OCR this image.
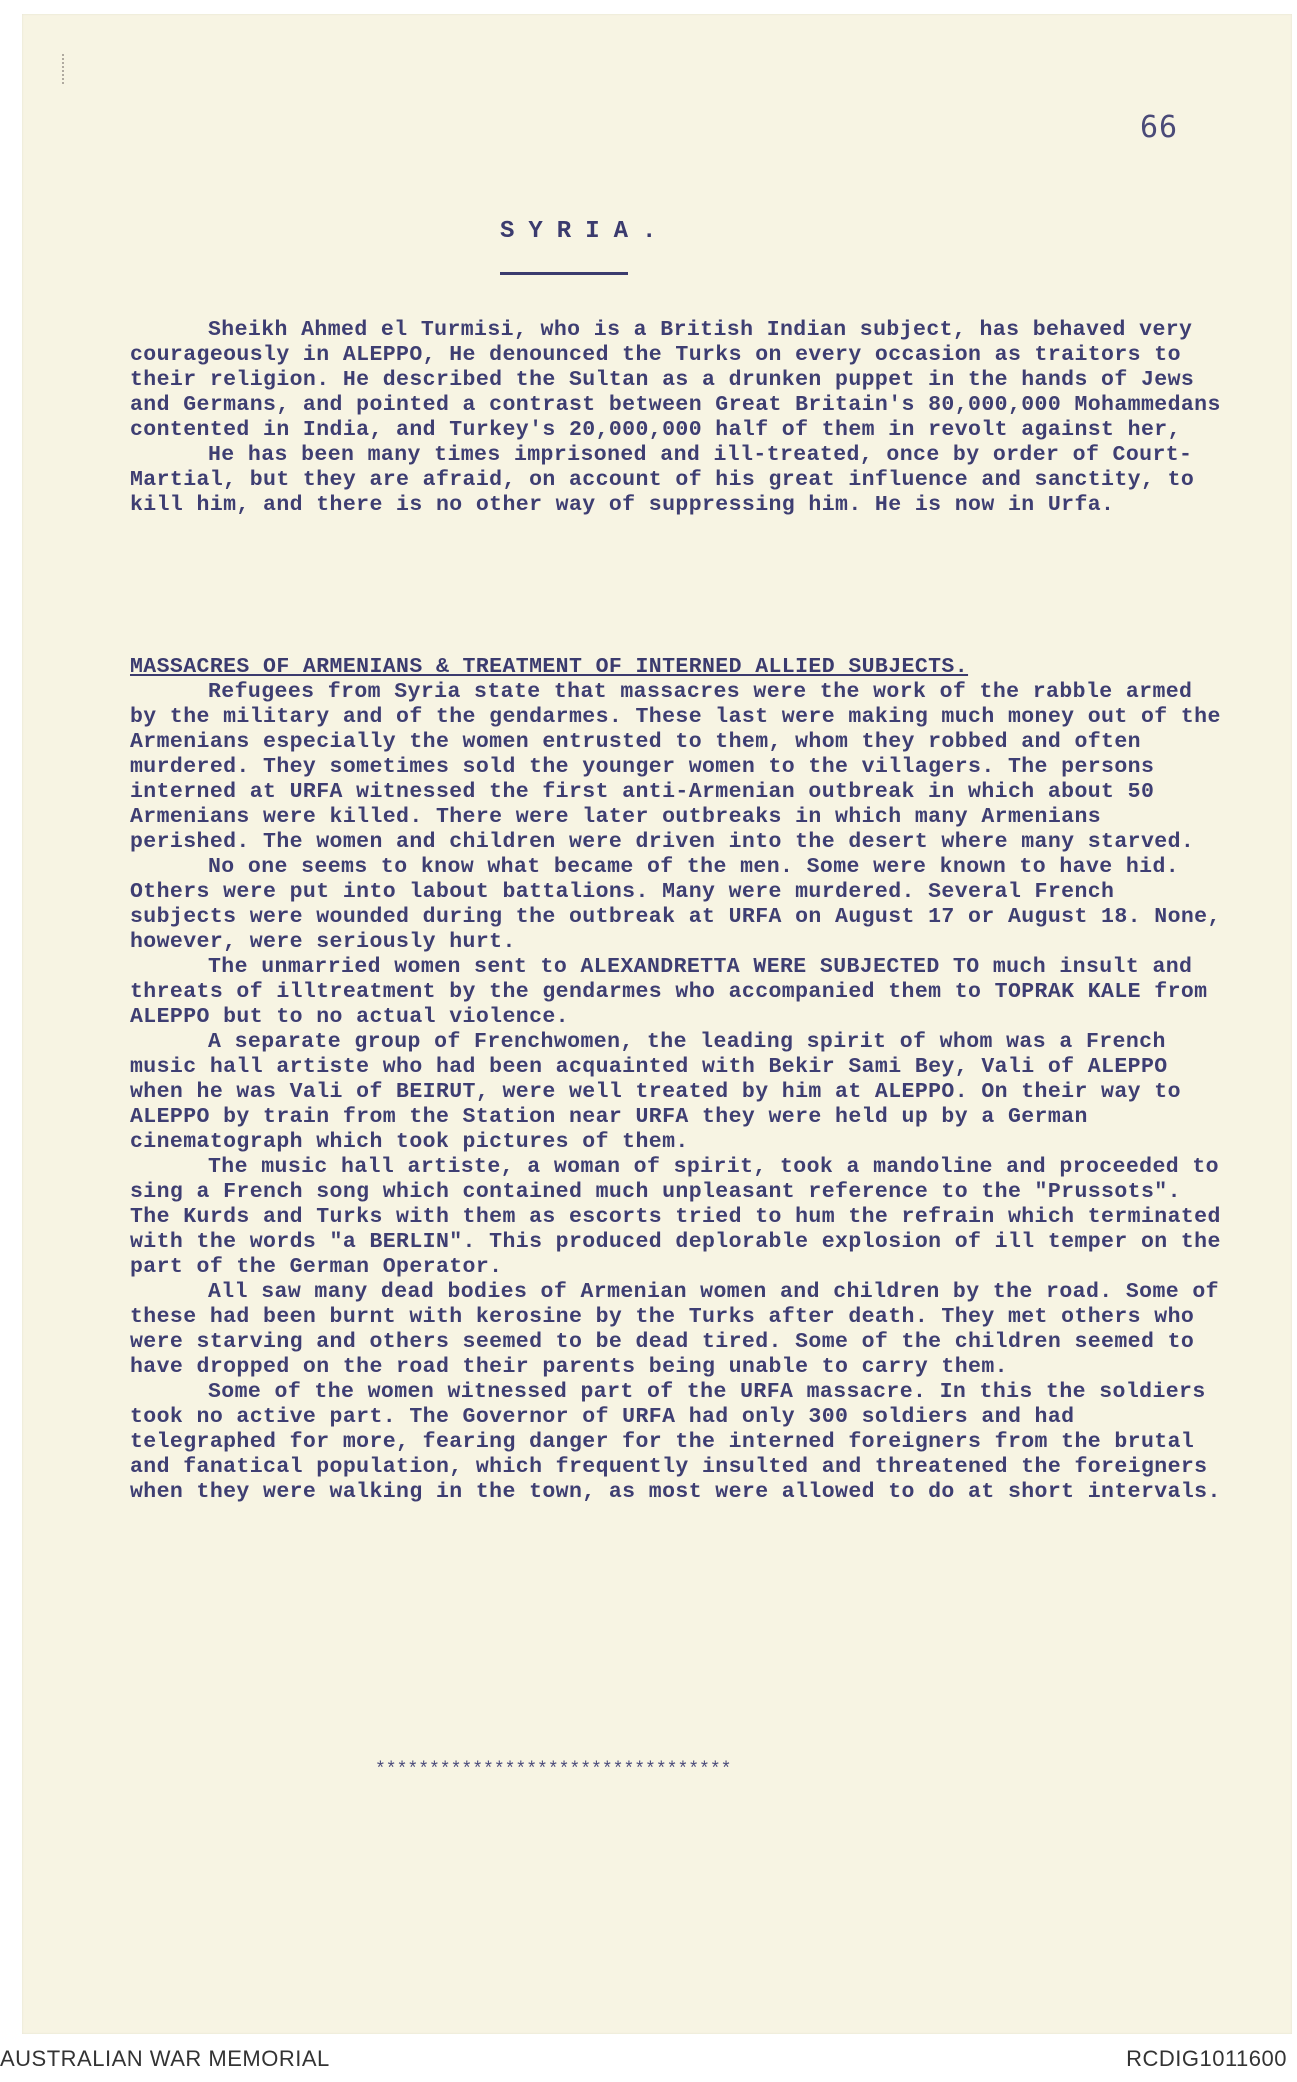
66
SYRIA.

Sheikh Ahmed el Turmisi, who is a British Indian subject, has behaved very courageously in ALEPPO, He denounced the Turks on every occasion as traitors to their religion. He described the Sultan as a drunken puppet in the hands of Jews and Germans, and pointed a contrast between Great Britain's 80,000,000 Mohammedans contented in India, and Turkey's 20,000,000 half of them in revolt against her,

He has been many times imprisoned and ill-treated, once by order of Court-Martial, but they are afraid, on account of his great influence and sanctity, to kill him, and there is no other way of suppressing him. He is now in Urfa.

MASSACRES OF ARMENIANS & TREATMENT OF INTERNED ALLIED SUBJECTS.

Refugees from Syria state that massacres were the work of the rabble armed by the military and of the gendarmes. These last were making much money out of the Armenians especially the women entrusted to them, whom they robbed and often murdered. They sometimes sold the younger women to the villagers. The persons interned at URFA witnessed the first anti-Armenian outbreak in which about 50 Armenians were killed. There were later outbreaks in which many Armenians perished. The women and children were driven into the desert where many starved.

No one seems to know what became of the men. Some were known to have hid. Others were put into labout battalions. Many were murdered. Several French subjects were wounded during the outbreak at URFA on August 17 or August 18. None, however, were seriously hurt.

The unmarried women sent to ALEXANDRETTA WERE SUBJECTED TO much insult and threats of illtreatment by the gendarmes who accompanied them to TOPRAK KALE from ALEPPO but to no actual violence.

A separate group of Frenchwomen, the leading spirit of whom was a French music hall artiste who had been acquainted with Bekir Sami Bey, Vali of ALEPPO when he was Vali of BEIRUT, were well treated by him at ALEPPO. On their way to ALEPPO by train from the Station near URFA they were held up by a German cinematograph which took pictures of them.

The music hall artiste, a woman of spirit, took a mandoline and proceeded to sing a French song which contained much unpleasant reference to the "Prussots". The Kurds and Turks with them as escorts tried to hum the refrain which terminated with the words "a BERLIN". This produced deplorable explosion of ill temper on the part of the German Operator.

All saw many dead bodies of Armenian women and children by the road. Some of these had been burnt with kerosine by the Turks after death. They met others who were starving and others seemed to be dead tired. Some of the children seemed to have dropped on the road their parents being unable to carry them.

Some of the women witnessed part of the URFA massacre. In this the soldiers took no active part. The Governor of URFA had only 300 soldiers and had telegraphed for more, fearing danger for the interned foreigners from the brutal and fanatical population, which frequently insulted and threatened the foreigners when they were walking in the town, as most were allowed to do at short intervals.

*********************************
AUSTRALIAN WAR MEMORIAL	RCDIG1011600
